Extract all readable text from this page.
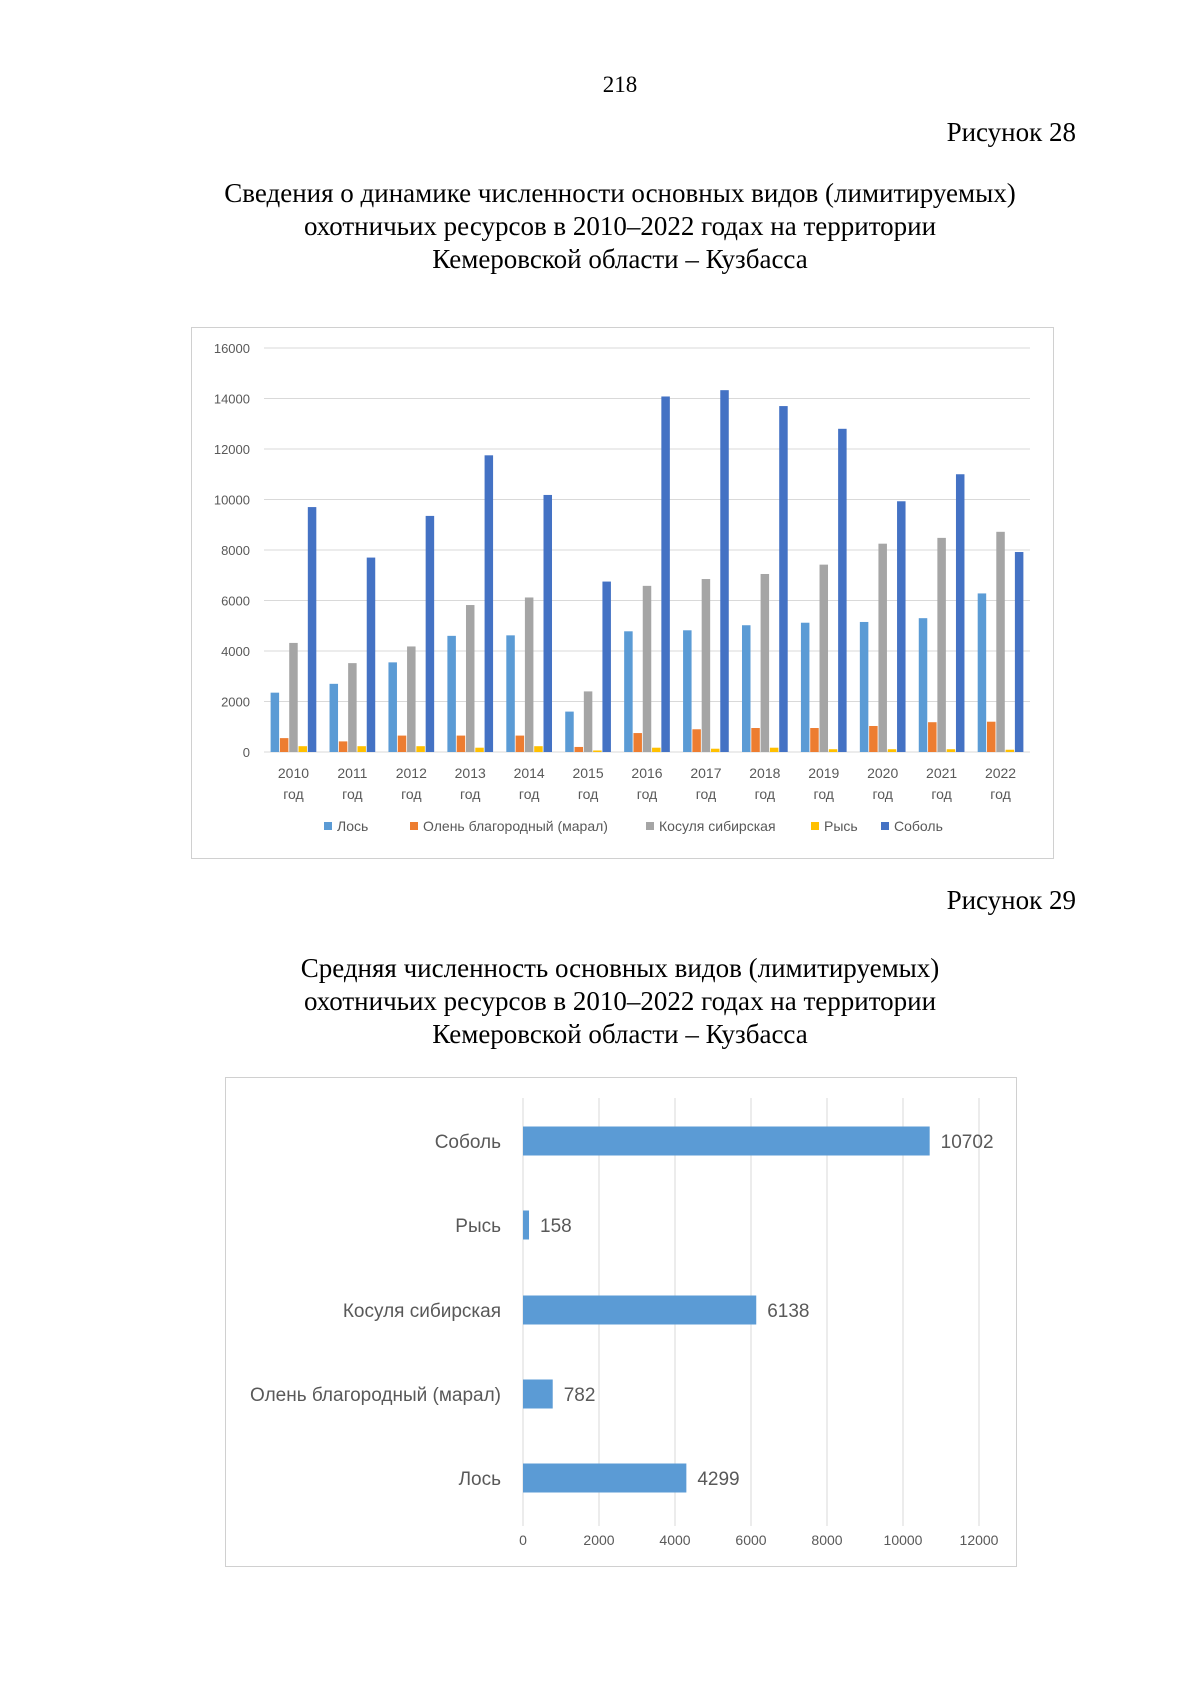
218
Рисунок 28
Сведения о динамике численности основных видов (лимитируемых)
охотничьих ресурсов в 2010–2022 годах на территории
Кемеровской области – Кузбасса
0
2000
4000
6000
8000
10000
12000
14000
16000
2010
год
2011
год
2012
год
2013
год
2014
год
2015
год
2016
год
2017
год
2018
год
2019
год
2020
год
2021
год
2022
год
Лось	Олень благородный (марал)	Косуля сибирская	Рысь	Соболь
Рисунок 29
Средняя численность основных видов (лимитируемых)
охотничьих ресурсов в 2010–2022 годах на территории
Кемеровской области – Кузбасса
0	2000	4000	6000	8000	10000	12000
Соболь	10702
Рысь 158
Косуля сибирская	6138
Олень благородный (марал)	782
Лось	4299
